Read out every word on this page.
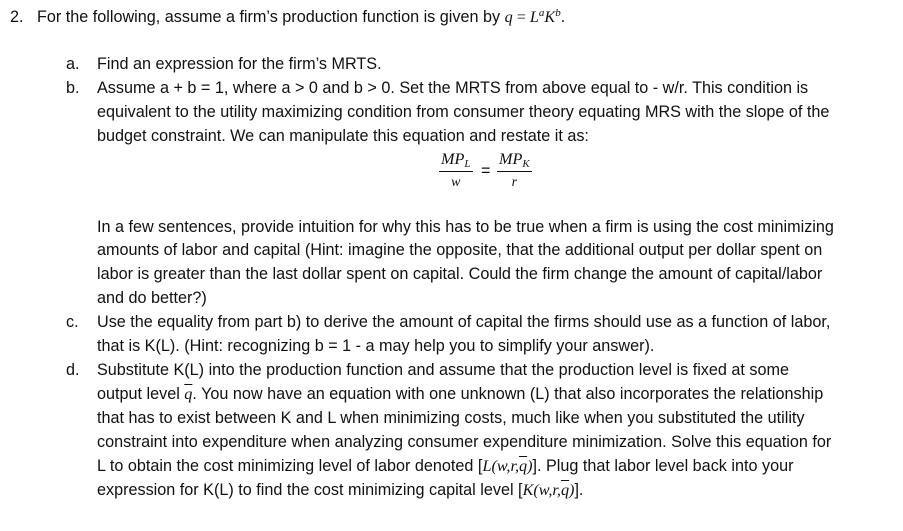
2. For the following, assume a firm’s production function is given by $q = L^aK^b$.
a. Find an expression for the firm’s MRTS.
b. Assume a + b = 1, where a > 0 and b > 0. Set the MRTS from above equal to - w/r. This condition is
equivalent to the utility maximizing condition from consumer theory equating MRS with the slope of the
budget constraint. We can manipulate this equation and restate it as:
$MP_L$
w
=
$MP_K$
r
In a few sentences, provide intuition for why this has to be true when a firm is using the cost minimizing
amounts of labor and capital (Hint: imagine the opposite, that the additional output per dollar spent on
labor is greater than the last dollar spent on capital. Could the firm change the amount of capital/labor
and do better?)
c. Use the equality from part b) to derive the amount of capital the firms should use as a function of labor,
that is K(L). (Hint: recognizing b = 1 - a may help you to simplify your answer).
d. Substitute K(L) into the production function and assume that the production level is fixed at some
output level $\overline{q}$. You now have an equation with one unknown (L) that also incorporates the relationship
that has to exist between K and L when minimizing costs, much like when you substituted the utility
constraint into expenditure when analyzing consumer expenditure minimization. Solve this equation for
L to obtain the cost minimizing level of labor denoted $[L(w,r,\overline{q})]$. Plug that labor level back into your
expression for K(L) to find the cost minimizing capital level $[K(w,r,\overline{q})]$.
